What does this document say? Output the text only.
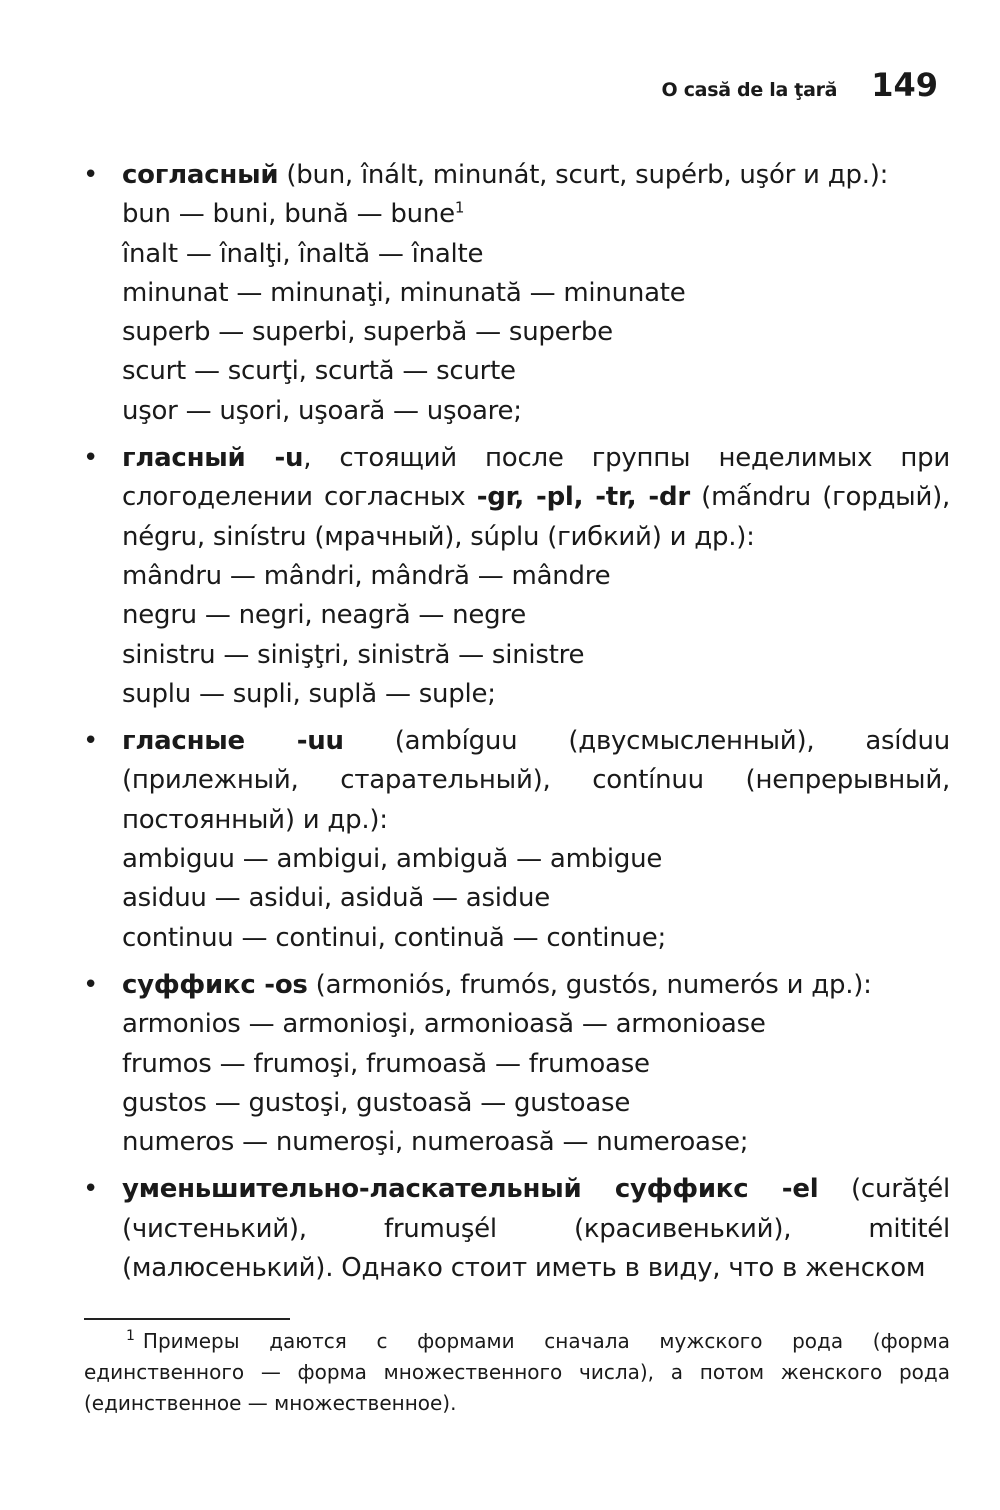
O casă de la ţară 149
• согласный (bun, înált, minunát, scurt, supérb, uşór и др.):
bun — buni, bună — bune$^1$
înalt — înalţi, înaltă — înalte
minunat — minunaţi, minunată — minunate
superb — superbi, superbă — superbe
scurt — scurţi, scurtă — scurte
uşor — uşori, uşoară — uşoare;
• гласный -u, стоящий после группы неделимых при слогоделении согласных -gr, -pl, -tr, -dr (mấndru (гордый), négru, sinístru (мрачный), súplu (гибкий) и др.):
mândru — mândri, mândră — mândre
negru — negri, neagră — negre
sinistru — sinişţri, sinistră — sinistre
suplu — supli, suplă — suple;
• гласные -uu (ambíguu (двусмысленный), asíduu (прилежный, старательный), contínuu (непрерывный, постоянный) и др.):
ambiguu — ambigui, ambiguă — ambigue
asiduu — asidui, asiduă — asidue
continuu — continui, continuă — continue;
• суффикс -os (armoniós, frumós, gustós, numerós и др.):
armonios — armonioşi, armonioasă — armonioase
frumos — frumoşi, frumoasă — frumoase
gustos — gustoşi, gustoasă — gustoase
numeros — numeroşi, numeroasă — numeroase;
• уменьшительно-ласкательный суффикс -el (curăţél (чистенький), frumuşél (красивенький), mititél (малюсенький). Однако стоит иметь в виду, что в женском
$^1$ Примеры даются с формами сначала мужского рода (форма единственного — форма множественного числа), а потом женского рода (единственное — множественное).
